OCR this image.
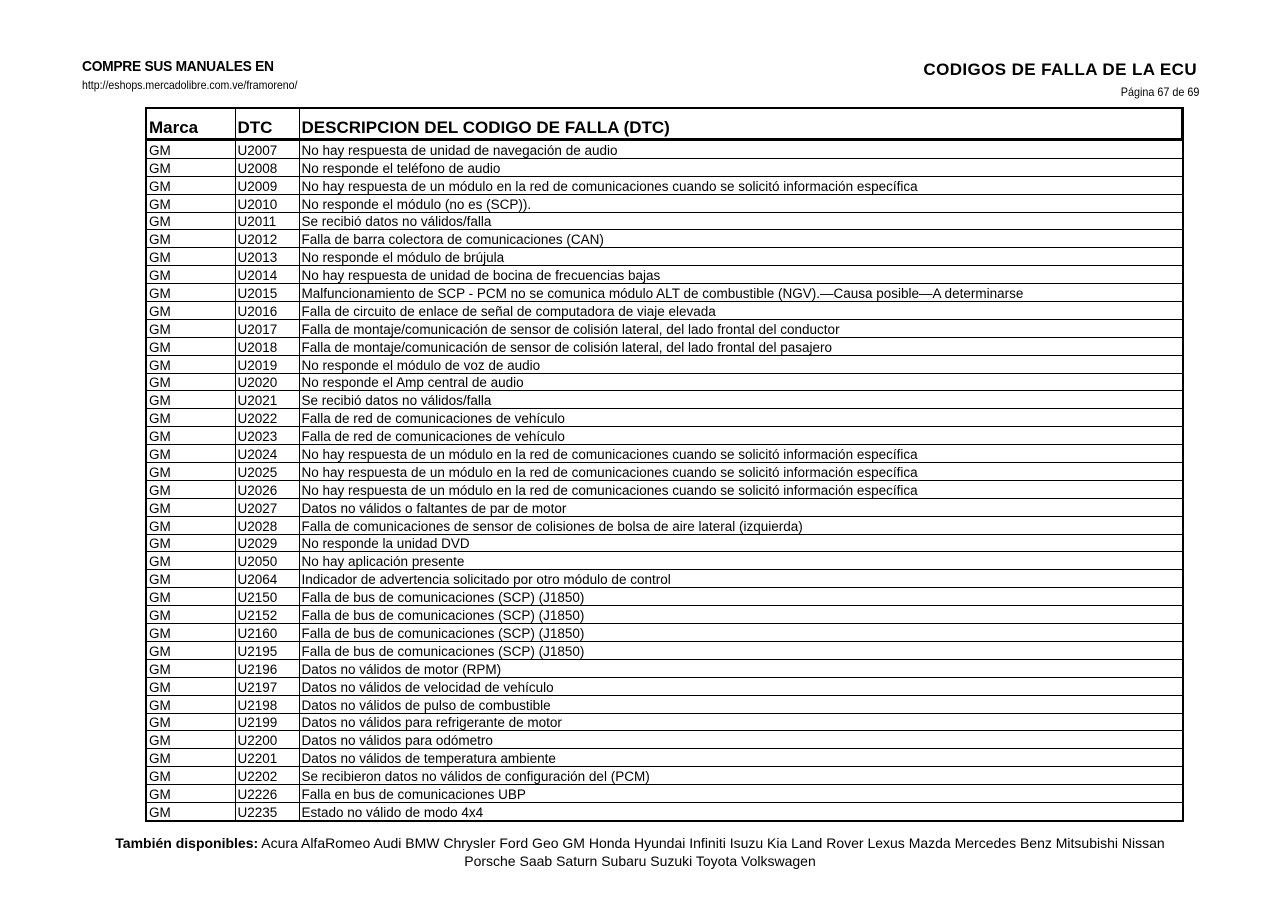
COMPRE SUS MANUALES EN
http://eshops.mercadolibre.com.ve/framoreno/
CODIGOS DE FALLA DE LA ECU
Página 67 de 69
Marca	DTC	DESCRIPCION DEL CODIGO DE FALLA (DTC)
GM	U2007	No hay respuesta de unidad de navegación de audio
GM	U2008	No responde el teléfono de audio
GM	U2009	No hay respuesta de un módulo en la red de comunicaciones cuando se solicitó información específica
GM	U2010	No responde el módulo (no es (SCP)).
GM	U2011	Se recibió datos no válidos/falla
GM	U2012	Falla de barra colectora de comunicaciones (CAN)
GM	U2013	No responde el módulo de brújula
GM	U2014	No hay respuesta de unidad de bocina de frecuencias bajas
GM	U2015	Malfuncionamiento de SCP - PCM no se comunica módulo ALT de combustible (NGV).—Causa posible—A determinarse
GM	U2016	Falla de circuito de enlace de señal de computadora de viaje elevada
GM	U2017	Falla de montaje/comunicación de sensor de colisión lateral, del lado frontal del conductor
GM	U2018	Falla de montaje/comunicación de sensor de colisión lateral, del lado frontal del pasajero
GM	U2019	No responde el módulo de voz de audio
GM	U2020	No responde el Amp central de audio
GM	U2021	Se recibió datos no válidos/falla
GM	U2022	Falla de red de comunicaciones de vehículo
GM	U2023	Falla de red de comunicaciones de vehículo
GM	U2024	No hay respuesta de un módulo en la red de comunicaciones cuando se solicitó información específica
GM	U2025	No hay respuesta de un módulo en la red de comunicaciones cuando se solicitó información específica
GM	U2026	No hay respuesta de un módulo en la red de comunicaciones cuando se solicitó información específica
GM	U2027	Datos no válidos o faltantes de par de motor
GM	U2028	Falla de comunicaciones de sensor de colisiones de bolsa de aire lateral (izquierda)
GM	U2029	No responde la unidad DVD
GM	U2050	No hay aplicación presente
GM	U2064	Indicador de advertencia solicitado por otro módulo de control
GM	U2150	Falla de bus de comunicaciones (SCP) (J1850)
GM	U2152	Falla de bus de comunicaciones (SCP) (J1850)
GM	U2160	Falla de bus de comunicaciones (SCP) (J1850)
GM	U2195	Falla de bus de comunicaciones (SCP) (J1850)
GM	U2196	Datos no válidos de motor (RPM)
GM	U2197	Datos no válidos de velocidad de vehículo
GM	U2198	Datos no válidos de pulso de combustible
GM	U2199	Datos no válidos para refrigerante de motor
GM	U2200	Datos no válidos para odómetro
GM	U2201	Datos no válidos de temperatura ambiente
GM	U2202	Se recibieron datos no válidos de configuración del (PCM)
GM	U2226	Falla en bus de comunicaciones UBP
GM	U2235	Estado no válido de modo 4x4
También disponibles: Acura AlfaRomeo Audi BMW Chrysler Ford Geo GM Honda Hyundai Infiniti Isuzu Kia Land Rover Lexus Mazda Mercedes Benz Mitsubishi Nissan
Porsche Saab Saturn Subaru Suzuki Toyota Volkswagen
